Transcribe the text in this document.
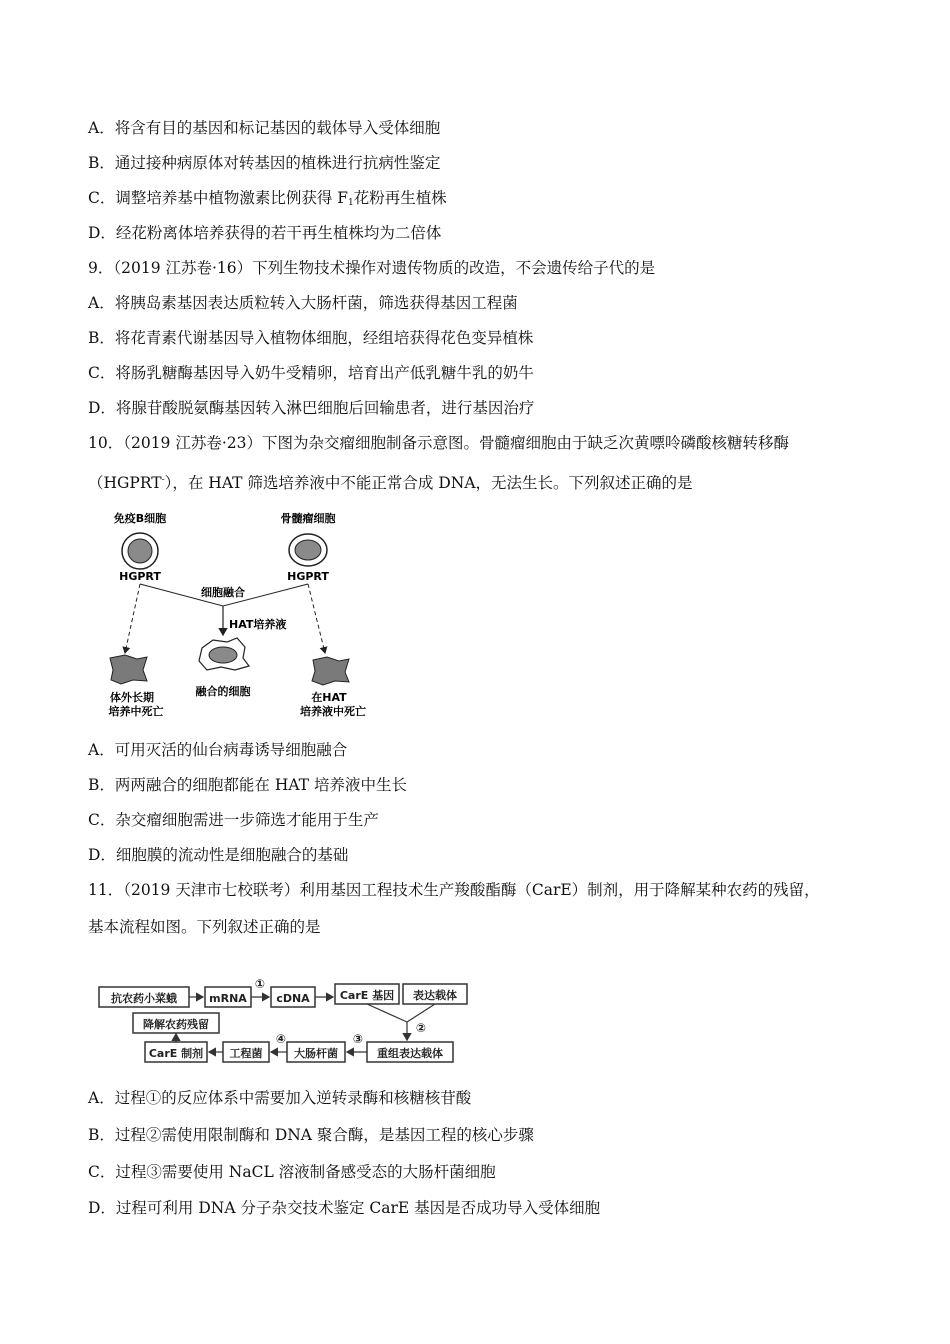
A．将含有目的基因和标记基因的载体导入受体细胞
B．通过接种病原体对转基因的植株进行抗病性鉴定
C．调整培养基中植物激素比例获得 $F_1$花粉再生植株
D．经花粉离体培养获得的若干再生植株均为二倍体
9．（2019 江苏卷·16）下列生物技术操作对遗传物质的改造，不会遗传给子代的是
A．将胰岛素基因表达质粒转入大肠杆菌，筛选获得基因工程菌
B．将花青素代谢基因导入植物体细胞，经组培获得花色变异植株
C．将肠乳糖酶基因导入奶牛受精卵，培育出产低乳糖牛乳的奶牛
D．将腺苷酸脱氨酶基因转入淋巴细胞后回输患者，进行基因治疗
10．（2019 江苏卷·23）下图为杂交瘤细胞制备示意图。骨髓瘤细胞由于缺乏次黄嘌呤磷酸核糖转移酶
（HGPRT-），在 HAT 筛选培养液中不能正常合成 DNA，无法生长。下列叙述正确的是
免疫B细胞	骨髓瘤细胞
HGPRT	HGPRT
细胞融合
HAT培养液
体外长期
培养中死亡
融合的细胞	在HAT
培养液中死亡
A．可用灭活的仙台病毒诱导细胞融合
B．两两融合的细胞都能在 HAT 培养液中生长
C．杂交瘤细胞需进一步筛选才能用于生产
D．细胞膜的流动性是细胞融合的基础
11．（2019 天津市七校联考）利用基因工程技术生产羧酸酯酶（CarE）制剂，用于降解某种农药的残留，
基本流程如图。下列叙述正确的是
抗农药小菜蛾	mRNA
①
cDNA	CarE 基因 表达载体
②
重组表达载体
③
大肠杆菌
④
工程菌
CarE 制剂
降解农药残留
A．过程①的反应体系中需要加入逆转录酶和核糖核苷酸
B．过程②需使用限制酶和 DNA 聚合酶，是基因工程的核心步骤
C．过程③需要使用 NaCL 溶液制备感受态的大肠杆菌细胞
D．过程可利用 DNA 分子杂交技术鉴定 CarE 基因是否成功导入受体细胞
